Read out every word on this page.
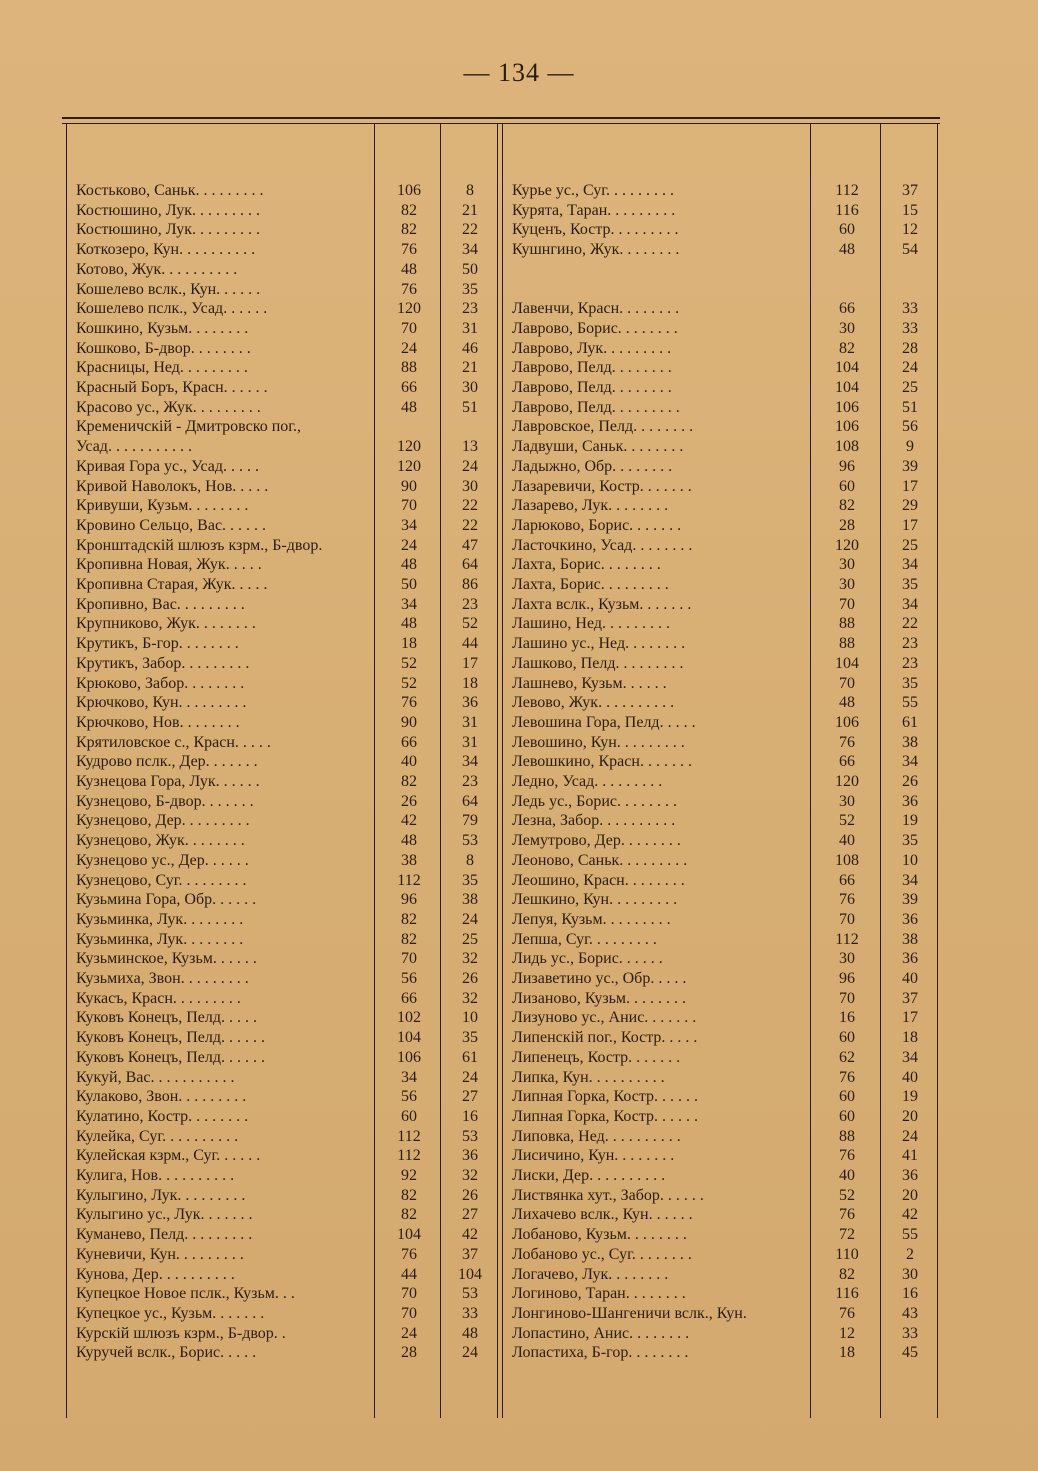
— 134 —
Костьково, Саньк. . . . . . . . .	106	8
Костюшино, Лук. . . . . . . . .	82	21
Костюшино, Лук. . . . . . . . .	82	22
Коткозеро, Кун. . . . . . . . . .	76	34
Котово, Жук. . . . . . . . . .	48	50
Кошелево вслк., Кун. . . . . .	76	35
Кошелево пслк., Усад. . . . . .	120	23
Кошкино, Кузьм. . . . . . . .	70	31
Кошково, Б-двор. . . . . . . .	24	46
Красницы, Нед. . . . . . . . .	88	21
Красный Боръ, Красн. . . . . .	66	30
Красово ус., Жук. . . . . . . . .	48	51
Кременичскій - Дмитровско пог.,
Усад. . . . . . . . . . .	120	13
Кривая Гора ус., Усад. . . . .	120	24
Кривой Наволокъ, Нов. . . . .	90	30
Кривуши, Кузьм. . . . . . . .	70	22
Кровино Сельцо, Вас. . . . . .	34	22
Кронштадскій шлюзъ кзрм., Б-двор.	24	47
Кропивна Новая, Жук. . . . .	48	64
Кропивна Старая, Жук. . . . .	50	86
Кропивно, Вас. . . . . . . . .	34	23
Крупниково, Жук. . . . . . . .	48	52
Крутикъ, Б-гор. . . . . . . .	18	44
Крутикъ, Забор. . . . . . . . .	52	17
Крюково, Забор. . . . . . . .	52	18
Крючково, Кун. . . . . . . . .	76	36
Крючково, Нов. . . . . . . .	90	31
Крятиловское с., Красн. . . . .	66	31
Кудрово пслк., Дер. . . . . . .	40	34
Кузнецова Гора, Лук. . . . . .	82	23
Кузнецово, Б-двор. . . . . . .	26	64
Кузнецово, Дер. . . . . . . . .	42	79
Кузнецово, Жук. . . . . . . .	48	53
Кузнецово ус., Дер. . . . . .	38	8
Кузнецово, Суг. . . . . . . . .	112	35
Кузьмина Гора, Обр. . . . . .	96	38
Кузьминка, Лук. . . . . . . .	82	24
Кузьминка, Лук. . . . . . . .	82	25
Кузьминское, Кузьм. . . . . .	70	32
Кузьмиха, Звон. . . . . . . . .	56	26
Кукасъ, Красн. . . . . . . . .	66	32
Куковъ Конецъ, Пелд. . . . .	102	10
Куковъ Конецъ, Пелд. . . . . .	104	35
Куковъ Конецъ, Пелд. . . . . .	106	61
Кукуй, Вас. . . . . . . . . . .	34	24
Кулаково, Звон. . . . . . . . .	56	27
Кулатино, Костр. . . . . . . .	60	16
Кулейка, Суг. . . . . . . . . .	112	53
Кулейская кзрм., Суг. . . . . .	112	36
Кулига, Нов. . . . . . . . . .	92	32
Кулыгино, Лук. . . . . . . . .	82	26
Кулыгино ус., Лук. . . . . . .	82	27
Куманево, Пелд. . . . . . . . .	104	42
Куневичи, Кун. . . . . . . . .	76	37
Кунова, Дер. . . . . . . . . .	44	104
Купецкое Новое пслк., Кузьм. . .	70	53
Купецкое ус., Кузьм. . . . . . .	70	33
Курскій шлюзъ кзрм., Б-двор. .	24	48
Куручей вслк., Борис. . . . .	28	24
Курье ус., Суг. . . . . . . . .	112	37
Курята, Таран. . . . . . . . .	116	15
Куценъ, Костр. . . . . . . . .	60	12
Кушнгино, Жук. . . . . . . .	48	54
Лавенчи, Красн. . . . . . . .	66	33
Лаврово, Борис. . . . . . . .	30	33
Лаврово, Лук. . . . . . . . .	82	28
Лаврово, Пелд. . . . . . . .	104	24
Лаврово, Пелд. . . . . . . .	104	25
Лаврово, Пелд. . . . . . . . .	106	51
Лавровское, Пелд. . . . . . . .	106	56
Ладвуши, Саньк. . . . . . . .	108	9
Ладыжно, Обр. . . . . . . .	96	39
Лазаревичи, Костр. . . . . . .	60	17
Лазарево, Лук. . . . . . . .	82	29
Ларюково, Борис. . . . . . .	28	17
Ласточкино, Усад. . . . . . . .	120	25
Лахта, Борис. . . . . . . .	30	34
Лахта, Борис. . . . . . . . .	30	35
Лахта вслк., Кузьм. . . . . . .	70	34
Лашино, Нед. . . . . . . . .	88	22
Лашино ус., Нед. . . . . . . .	88	23
Лашково, Пелд. . . . . . . . .	104	23
Лашнево, Кузьм. . . . . .	70	35
Левово, Жук. . . . . . . . . .	48	55
Левошина Гора, Пелд. . . . .	106	61
Левошино, Кун. . . . . . . . .	76	38
Левошкино, Красн. . . . . . .	66	34
Ледно, Усад. . . . . . . . .	120	26
Ледь ус., Борис. . . . . . . .	30	36
Лезна, Забор. . . . . . . . . .	52	19
Лемутрово, Дер. . . . . . . .	40	35
Леоново, Саньк. . . . . . . . .	108	10
Леошино, Красн. . . . . . . .	66	34
Лешкино, Кун. . . . . . . . .	76	39
Лепуя, Кузьм. . . . . . . . .	70	36
Лепша, Суг. . . . . . . . .	112	38
Лидь ус., Борис. . . . . .	30	36
Лизаветино ус., Обр. . . . .	96	40
Лизаново, Кузьм. . . . . . . .	70	37
Лизуново ус., Анис. . . . . . .	16	17
Липенскій пог., Костр. . . . .	60	18
Липенецъ, Костр. . . . . . .	62	34
Липка, Кун. . . . . . . . . .	76	40
Липная Горка, Костр. . . . . .	60	19
Липная Горка, Костр. . . . . .	60	20
Липовка, Нед. . . . . . . . . .	88	24
Лисичино, Кун. . . . . . . .	76	41
Лиски, Дер. . . . . . . . . .	40	36
Листвянка хут., Забор. . . . . .	52	20
Лихачево вслк., Кун. . . . . .	76	42
Лобаново, Кузьм. . . . . . . .	72	55
Лобаново ус., Суг. . . . . . . .	110	2
Логачево, Лук. . . . . . . .	82	30
Логиново, Таран. . . . . . . .	116	16
Лонгиново-Шангеничи вслк., Кун.	76	43
Лопастино, Анис. . . . . . . .	12	33
Лопастиха, Б-гор. . . . . . . .	18	45
